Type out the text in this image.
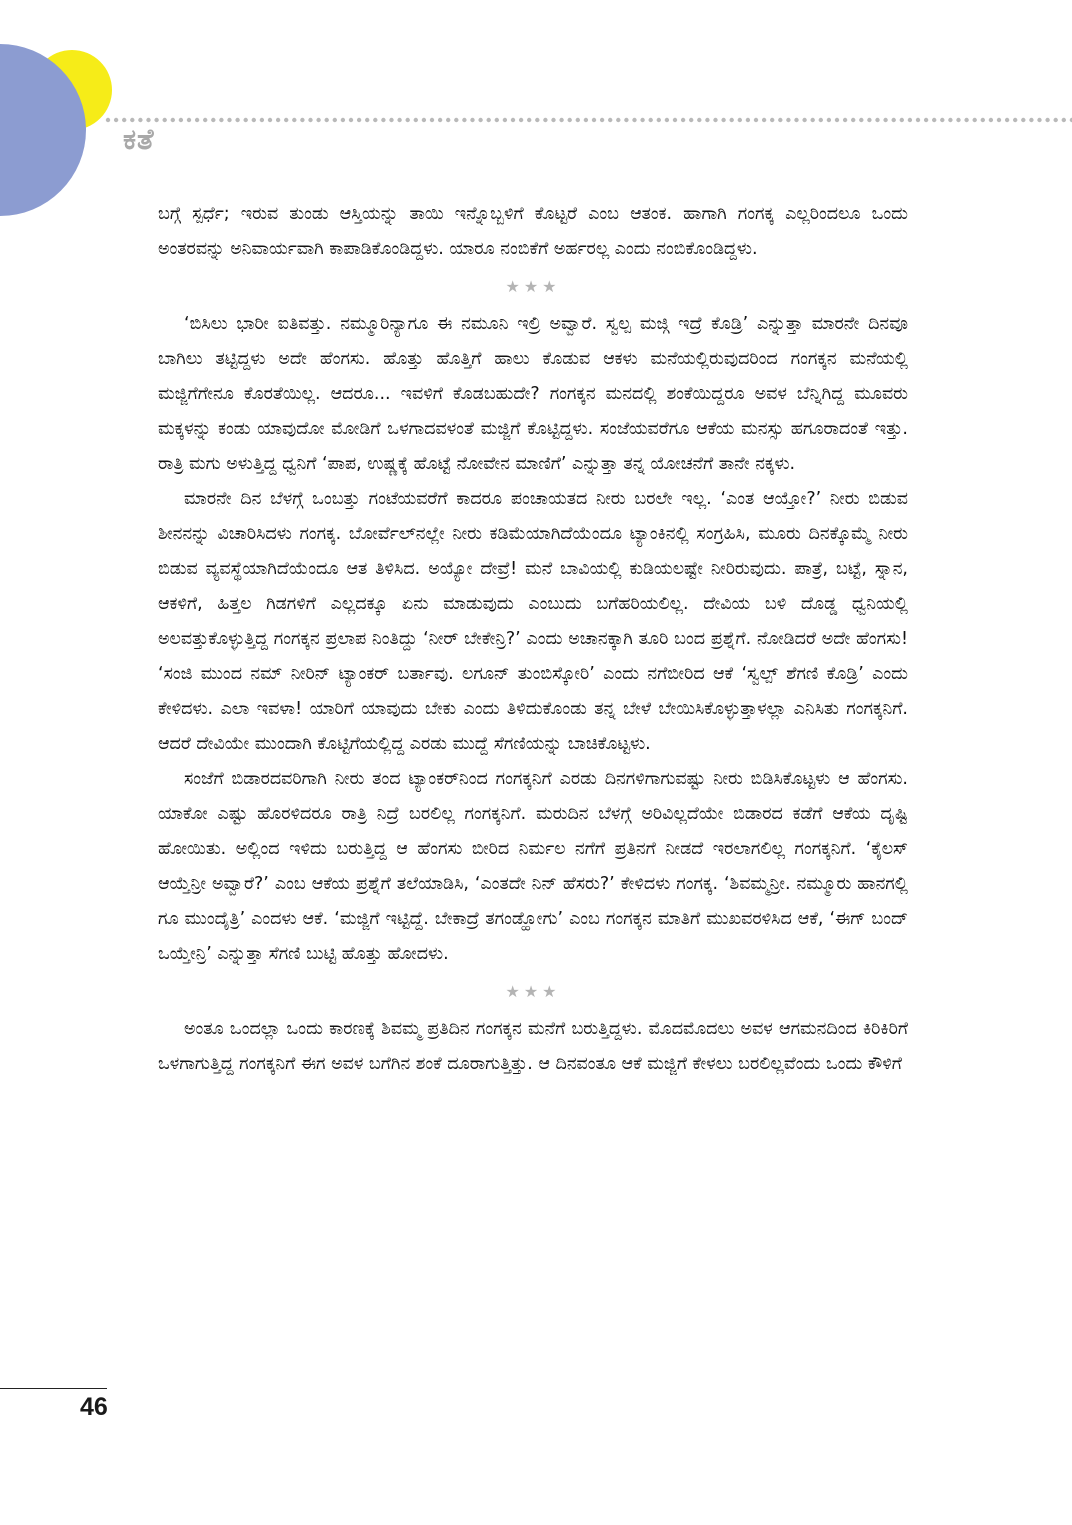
ಕತೆ

ಬಗ್ಗೆ ಸ್ಪರ್ಧೆ; ಇರುವ ತುಂಡು ಆಸ್ತಿಯನ್ನು ತಾಯಿ ಇನ್ನೊಬ್ಬಳಿಗೆ ಕೊಟ್ಟರೆ ಎಂಬ ಆತಂಕ. ಹಾಗಾಗಿ ಗಂಗಕ್ಕ ಎಲ್ಲರಿಂದಲೂ ಒಂದು ಅಂತರವನ್ನು ಅನಿವಾರ್ಯವಾಗಿ ಕಾಪಾಡಿಕೊಂಡಿದ್ದಳು. ಯಾರೂ ನಂಬಿಕೆಗೆ ಅರ್ಹರಲ್ಲ ಎಂದು ನಂಬಿಕೊಂಡಿದ್ದಳು.

★★★

‘ಬಿಸಿಲು ಭಾರೀ ಐತಿವತ್ತು. ನಮ್ಮೂರಿನ್ಯಾಗೂ ಈ ನಮೂನಿ ಇಲ್ರಿ ಅವ್ವಾರೆ. ಸ್ವಲ್ಪ ಮಜ್ಗಿ ಇದ್ರೆ ಕೊಡ್ರಿ’ ಎನ್ನುತ್ತಾ ಮಾರನೇ ದಿನವೂ ಬಾಗಿಲು ತಟ್ಟಿದ್ದಳು ಅದೇ ಹೆಂಗಸು. ಹೊತ್ತು ಹೊತ್ತಿಗೆ ಹಾಲು ಕೊಡುವ ಆಕಳು ಮನೆಯಲ್ಲಿರುವುದರಿಂದ ಗಂಗಕ್ಕನ ಮನೆಯಲ್ಲಿ ಮಜ್ಜಿಗೆಗೇನೂ ಕೊರತೆಯಿಲ್ಲ. ಆದರೂ... ಇವಳಿಗೆ ಕೊಡಬಹುದೇ? ಗಂಗಕ್ಕನ ಮನದಲ್ಲಿ ಶಂಕೆಯಿದ್ದರೂ ಅವಳ ಬೆನ್ನಿಗಿದ್ದ ಮೂವರು ಮಕ್ಕಳನ್ನು ಕಂಡು ಯಾವುದೋ ಮೋಡಿಗೆ ಒಳಗಾದವಳಂತೆ ಮಜ್ಜಿಗೆ ಕೊಟ್ಟಿದ್ದಳು. ಸಂಜೆಯವರೆಗೂ ಆಕೆಯ ಮನಸ್ಸು ಹಗೂರಾದಂತೆ ಇತ್ತು. ರಾತ್ರಿ ಮಗು ಅಳುತ್ತಿದ್ದ ಧ್ವನಿಗೆ ‘ಪಾಪ, ಉಷ್ಣಕ್ಕೆ ಹೊಟ್ಟೆ ನೋವೇನ ಮಾಣಿಗೆ’ ಎನ್ನುತ್ತಾ ತನ್ನ ಯೋಚನೆಗೆ ತಾನೇ ನಕ್ಕಳು.

ಮಾರನೇ ದಿನ ಬೆಳಗ್ಗೆ ಒಂಬತ್ತು ಗಂಟೆಯವರೆಗೆ ಕಾದರೂ ಪಂಚಾಯತದ ನೀರು ಬರಲೇ ಇಲ್ಲ. ‘ಎಂತ ಆಯ್ತೋ?’ ನೀರು ಬಿಡುವ ಶೀನನನ್ನು ವಿಚಾರಿಸಿದಳು ಗಂಗಕ್ಕ. ಬೋರ್ವೆಲ್‌ನಲ್ಲೇ ನೀರು ಕಡಿಮೆಯಾಗಿದೆಯೆಂದೂ ಟ್ಯಾಂಕಿನಲ್ಲಿ ಸಂಗ್ರಹಿಸಿ, ಮೂರು ದಿನಕ್ಕೊಮ್ಮೆ ನೀರು ಬಿಡುವ ವ್ಯವಸ್ಥೆಯಾಗಿದೆಯೆಂದೂ ಆತ ತಿಳಿಸಿದ. ಅಯ್ಯೋ ದೇವ್ರೆ! ಮನೆ ಬಾವಿಯಲ್ಲಿ ಕುಡಿಯಲಷ್ಟೇ ನೀರಿರುವುದು. ಪಾತ್ರೆ, ಬಟ್ಟೆ, ಸ್ನಾನ, ಆಕಳಿಗೆ, ಹಿತ್ತಲ ಗಿಡಗಳಿಗೆ ಎಲ್ಲದಕ್ಕೂ ಏನು ಮಾಡುವುದು ಎಂಬುದು ಬಗೆಹರಿಯಲಿಲ್ಲ. ದೇವಿಯ ಬಳಿ ದೊಡ್ಡ ಧ್ವನಿಯಲ್ಲಿ ಅಲವತ್ತುಕೊಳ್ಳುತ್ತಿದ್ದ ಗಂಗಕ್ಕನ ಪ್ರಲಾಪ ನಿಂತಿದ್ದು ‘ನೀರ್ ಬೇಕೇನ್ರಿ?’ ಎಂದು ಅಚಾನಕ್ಕಾಗಿ ತೂರಿ ಬಂದ ಪ್ರಶ್ನೆಗೆ. ನೋಡಿದರೆ ಅದೇ ಹೆಂಗಸು! ‘ಸಂಜಿ ಮುಂದ ನಮ್ ನೀರಿನ್ ಟ್ಯಾಂಕರ್ ಬರ್ತಾವು. ಲಗೂನ್ ತುಂಬಿಸ್ಕೋರಿ’ ಎಂದು ನಗೆಬೀರಿದ ಆಕೆ ‘ಸ್ವಲ್ಪ್ ಶೆಗಣಿ ಕೊಡ್ರಿ’ ಎಂದು ಕೇಳಿದಳು. ಎಲಾ ಇವಳಾ! ಯಾರಿಗೆ ಯಾವುದು ಬೇಕು ಎಂದು ತಿಳಿದುಕೊಂಡು ತನ್ನ ಬೇಳೆ ಬೇಯಿಸಿಕೊಳ್ಳುತ್ತಾಳಲ್ಲಾ ಎನಿಸಿತು ಗಂಗಕ್ಕನಿಗೆ. ಆದರೆ ದೇವಿಯೇ ಮುಂದಾಗಿ ಕೊಟ್ಟಿಗೆಯಲ್ಲಿದ್ದ ಎರಡು ಮುದ್ದೆ ಸೆಗಣಿಯನ್ನು ಬಾಚಿಕೊಟ್ಟಳು.

ಸಂಜೆಗೆ ಬಿಡಾರದವರಿಗಾಗಿ ನೀರು ತಂದ ಟ್ಯಾಂಕರ್‌ನಿಂದ ಗಂಗಕ್ಕನಿಗೆ ಎರಡು ದಿನಗಳಿಗಾಗುವಷ್ಟು ನೀರು ಬಿಡಿಸಿಕೊಟ್ಟಳು ಆ ಹೆಂಗಸು. ಯಾಕೋ ಎಷ್ಟು ಹೊರಳಿದರೂ ರಾತ್ರಿ ನಿದ್ರೆ ಬರಲಿಲ್ಲ ಗಂಗಕ್ಕನಿಗೆ. ಮರುದಿನ ಬೆಳಗ್ಗೆ ಅರಿವಿಲ್ಲದೆಯೇ ಬಿಡಾರದ ಕಡೆಗೆ ಆಕೆಯ ದೃಷ್ಟಿ ಹೋಯಿತು. ಅಲ್ಲಿಂದ ಇಳಿದು ಬರುತ್ತಿದ್ದ ಆ ಹೆಂಗಸು ಬೀರಿದ ನಿರ್ಮಲ ನಗೆಗೆ ಪ್ರತಿನಗೆ ನೀಡದೆ ಇರಲಾಗಲಿಲ್ಲ ಗಂಗಕ್ಕನಿಗೆ. ‘ಕೈಲಸ್ ಆಯ್ತೆನ್ರೀ ಅವ್ವಾರೆ?’ ಎಂಬ ಆಕೆಯ ಪ್ರಶ್ನೆಗೆ ತಲೆಯಾಡಿಸಿ, ‘ಎಂತದೇ ನಿನ್ ಹೆಸರು?’ ಕೇಳಿದಳು ಗಂಗಕ್ಕ. ‘ಶಿವಮ್ಮನ್ರೀ. ನಮ್ಮೂರು ಹಾನಗಲ್ಲಿ ಗೂ ಮುಂದೈತ್ರಿ’ ಎಂದಳು ಆಕೆ. ‘ಮಜ್ಜಿಗೆ ಇಟ್ಟಿದ್ದೆ. ಬೇಕಾದ್ರೆ ತಗಂಡ್ಹೋಗು’ ಎಂಬ ಗಂಗಕ್ಕನ ಮಾತಿಗೆ ಮುಖವರಳಿಸಿದ ಆಕೆ, ‘ಈಗ್ ಬಂದ್ ಒಯ್ತೇನ್ರಿ’ ಎನ್ನುತ್ತಾ ಸೆಗಣಿ ಬುಟ್ಟಿ ಹೊತ್ತು ಹೋದಳು.

★★★

ಅಂತೂ ಒಂದಲ್ಲಾ ಒಂದು ಕಾರಣಕ್ಕೆ ಶಿವಮ್ಮ ಪ್ರತಿದಿನ ಗಂಗಕ್ಕನ ಮನೆಗೆ ಬರುತ್ತಿದ್ದಳು. ಮೊದಮೊದಲು ಅವಳ ಆಗಮನದಿಂದ ಕಿರಿಕಿರಿಗೆ ಒಳಗಾಗುತ್ತಿದ್ದ ಗಂಗಕ್ಕನಿಗೆ ಈಗ ಅವಳ ಬಗೆಗಿನ ಶಂಕೆ ದೂರಾಗುತ್ತಿತ್ತು. ಆ ದಿನವಂತೂ ಆಕೆ ಮಜ್ಜಿಗೆ ಕೇಳಲು ಬರಲಿಲ್ಲವೆಂದು ಒಂದು ಕೌಳಿಗೆ

46
